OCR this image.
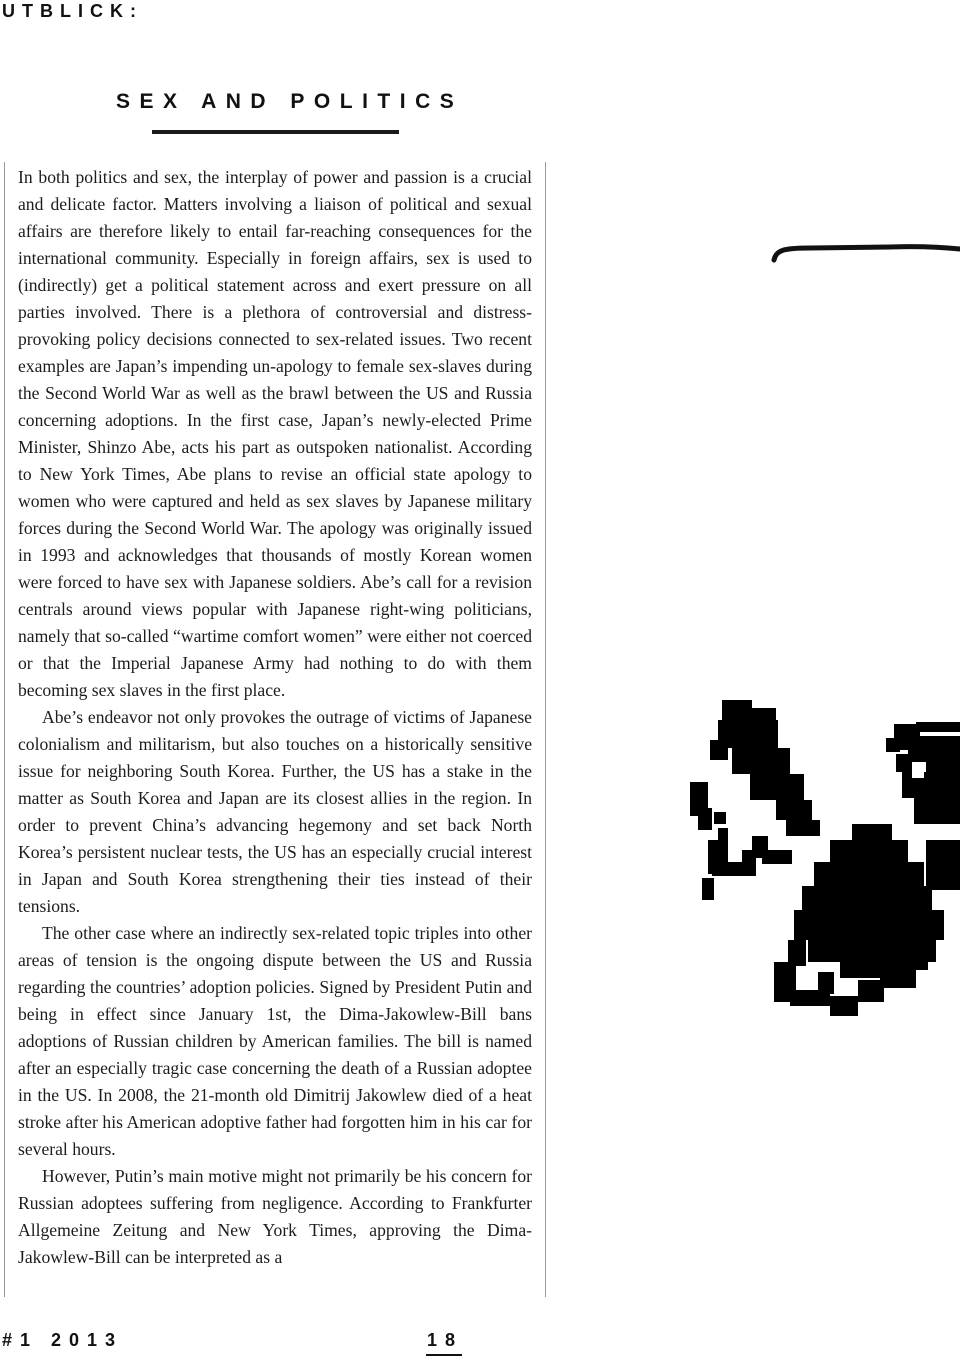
UTBLICK:
SEX AND POLITICS

In both politics and sex, the interplay of power and passion is a crucial and delicate factor. Matters involving a liaison of political and sexual affairs are therefore likely to entail far-reaching consequences for the international community. Especially in foreign affairs, sex is used to (indirectly) get a political statement across and exert pressure on all parties involved. There is a plethora of controversial and distress-provoking policy decisions connected to sex-related issues. Two recent examples are Japan’s impending un-apology to female sex-slaves during the Second World War as well as the brawl between the US and Russia concerning adoptions. In the first case, Japan’s newly-elected Prime Minister, Shinzo Abe, acts his part as outspoken nationalist. According to New York Times, Abe plans to revise an official state apology to women who were captured and held as sex slaves by Japanese military forces during the Second World War. The apology was originally issued in 1993 and acknowledges that thousands of mostly Korean women were forced to have sex with Japanese soldiers. Abe’s call for a revision centrals around views popular with Japanese right-wing politicians, namely that so-called “wartime comfort women” were either not coerced or that the Imperial Japanese Army had nothing to do with them becoming sex slaves in the first place.

Abe’s endeavor not only provokes the outrage of victims of Japanese colonialism and militarism, but also touches on a historically sensitive issue for neighboring South Korea. Further, the US has a stake in the matter as South Korea and Japan are its closest allies in the region. In order to prevent China’s advancing hegemony and set back North Korea’s persistent nuclear tests, the US has an especially crucial interest in Japan and South Korea strengthening their ties instead of their tensions.

The other case where an indirectly sex-related topic triples into other areas of tension is the ongoing dispute between the US and Russia regarding the countries’ adoption policies. Signed by President Putin and being in effect since January 1st, the Dima-Jakowlew-Bill bans adoptions of Russian children by American families. The bill is named after an especially tragic case concerning the death of a Russian adoptee in the US. In 2008, the 21-month old Dimitrij Jakowlew died of a heat stroke after his American adoptive father had forgotten him in his car for several hours.

However, Putin’s main motive might not primarily be his concern for Russian adoptees suffering from negligence. According to Frankfurter Allgemeine Zeitung and New York Times, approving the Dima-Jakowlew-Bill can be interpreted as a

#1 2013	18
